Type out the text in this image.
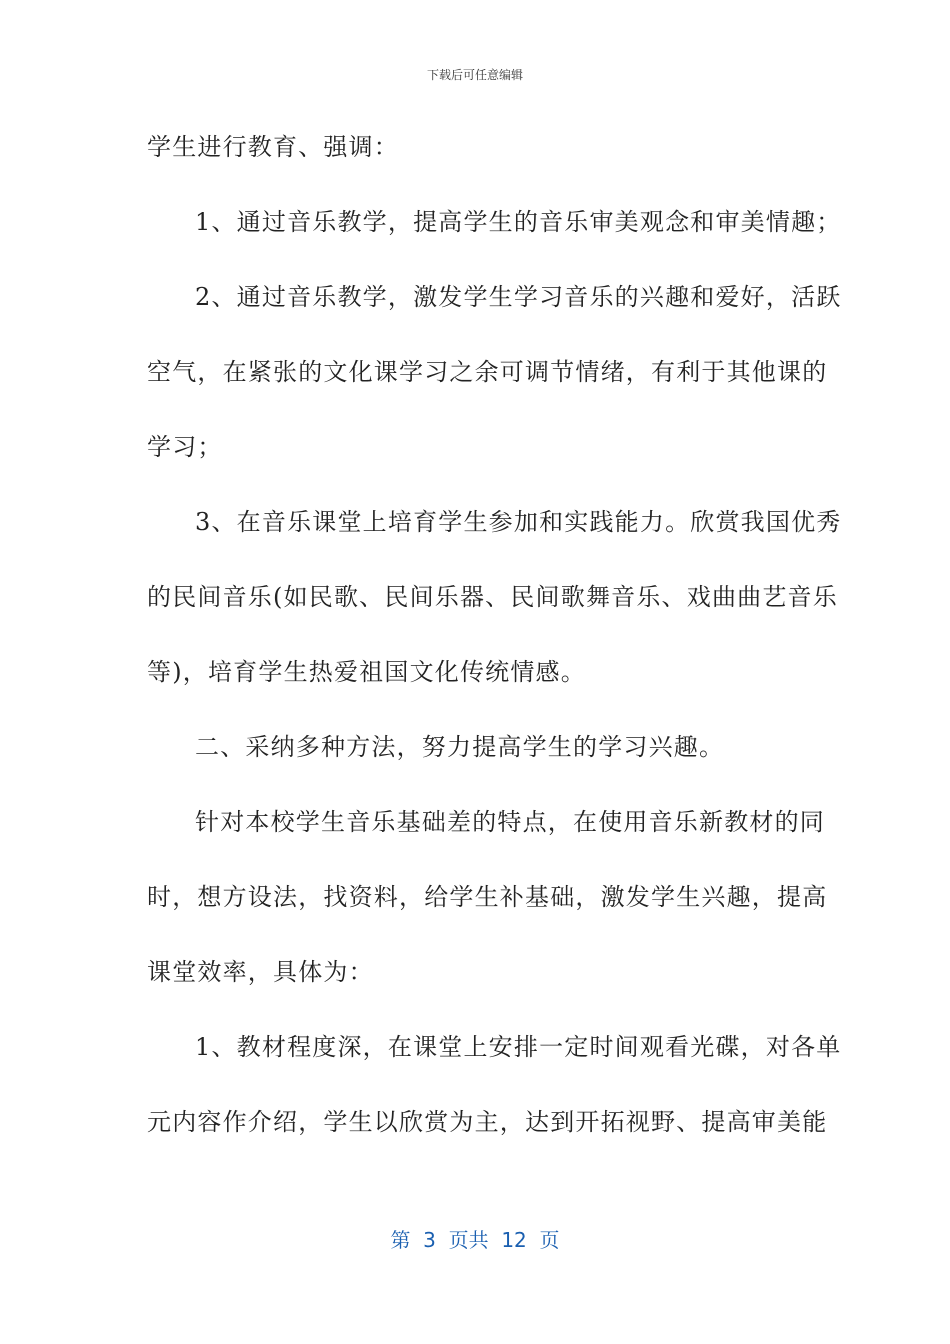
下载后可任意编辑
学生进行教育、强调：
1、通过音乐教学，提高学生的音乐审美观念和审美情趣；
2、通过音乐教学，激发学生学习音乐的兴趣和爱好，活跃
空气，在紧张的文化课学习之余可调节情绪，有利于其他课的
学习；
3、在音乐课堂上培育学生参加和实践能力。欣赏我国优秀
的民间音乐(如民歌、民间乐器、民间歌舞音乐、戏曲曲艺音乐
等)，培育学生热爱祖国文化传统情感。
二、采纳多种方法，努力提高学生的学习兴趣。
针对本校学生音乐基础差的特点，在使用音乐新教材的同
时，想方设法，找资料，给学生补基础，激发学生兴趣，提高
课堂效率，具体为：
1、教材程度深，在课堂上安排一定时间观看光碟，对各单
元内容作介绍，学生以欣赏为主，达到开拓视野、提高审美能
第  3  页共  12  页
